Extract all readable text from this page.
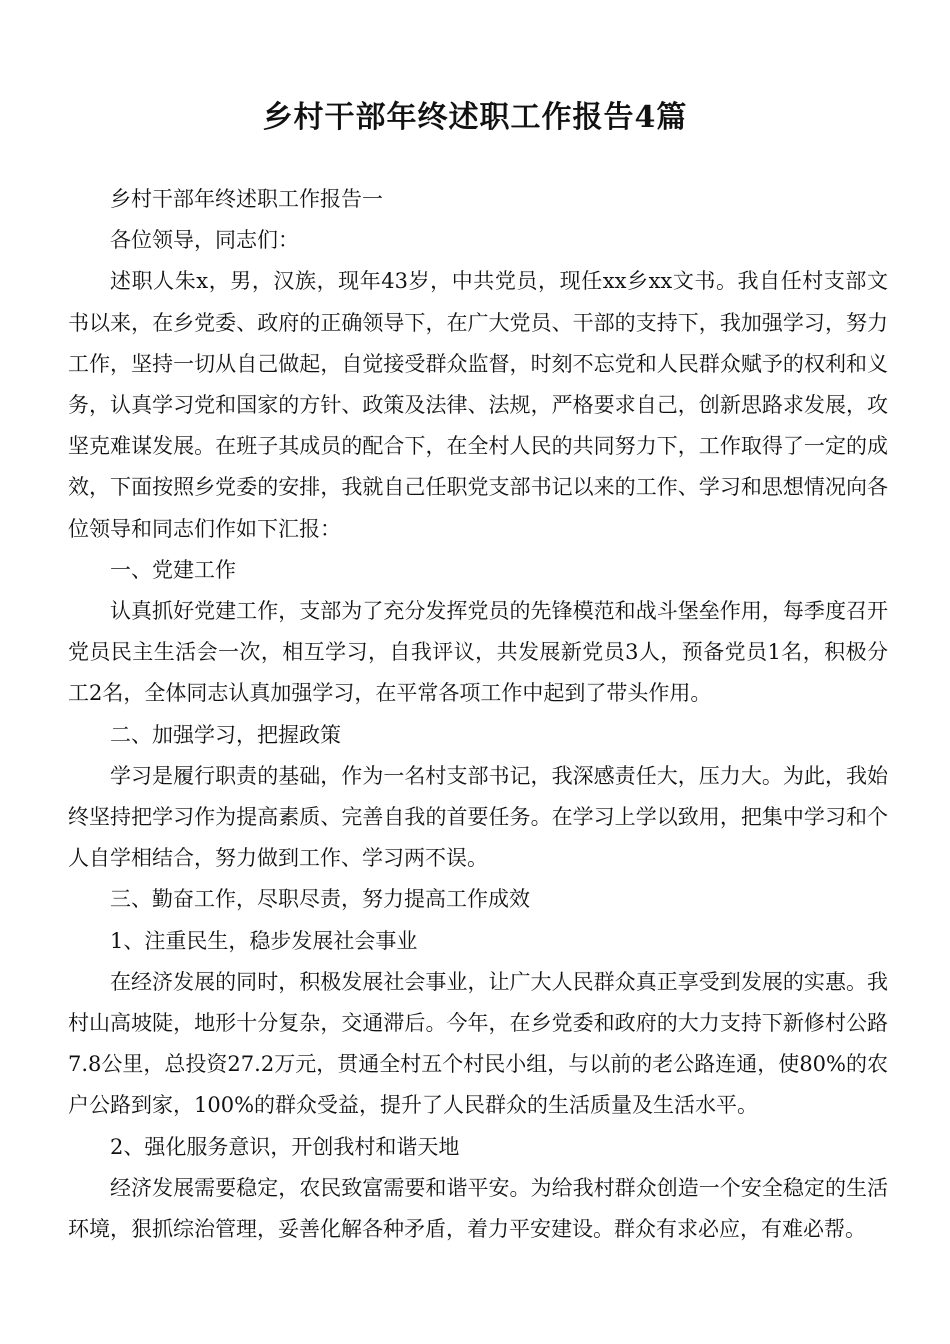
乡村干部年终述职工作报告4篇

乡村干部年终述职工作报告一

各位领导，同志们：

述职人朱x，男，汉族，现年43岁，中共党员，现任xx乡xx文书。我自任村支部文书以来，在乡党委、政府的正确领导下，在广大党员、干部的支持下，我加强学习，努力工作，坚持一切从自己做起，自觉接受群众监督，时刻不忘党和人民群众赋予的权利和义务，认真学习党和国家的方针、政策及法律、法规，严格要求自己，创新思路求发展，攻坚克难谋发展。在班子其成员的配合下，在全村人民的共同努力下，工作取得了一定的成效，下面按照乡党委的安排，我就自己任职党支部书记以来的工作、学习和思想情况向各位领导和同志们作如下汇报：

一、党建工作

认真抓好党建工作，支部为了充分发挥党员的先锋模范和战斗堡垒作用，每季度召开党员民主生活会一次，相互学习，自我评议，共发展新党员3人，预备党员1名，积极分工2名，全体同志认真加强学习，在平常各项工作中起到了带头作用。

二、加强学习，把握政策

学习是履行职责的基础，作为一名村支部书记，我深感责任大，压力大。为此，我始终坚持把学习作为提高素质、完善自我的首要任务。在学习上学以致用，把集中学习和个人自学相结合，努力做到工作、学习两不误。

三、勤奋工作，尽职尽责，努力提高工作成效

1、注重民生，稳步发展社会事业

在经济发展的同时，积极发展社会事业，让广大人民群众真正享受到发展的实惠。我村山高坡陡，地形十分复杂，交通滞后。今年，在乡党委和政府的大力支持下新修村公路7.8公里，总投资27.2万元，贯通全村五个村民小组，与以前的老公路连通，使80%的农户公路到家，100%的群众受益，提升了人民群众的生活质量及生活水平。

2、强化服务意识，开创我村和谐天地

经济发展需要稳定，农民致富需要和谐平安。为给我村群众创造一个安全稳定的生活环境，狠抓综治管理，妥善化解各种矛盾，着力平安建设。群众有求必应，有难必帮。
